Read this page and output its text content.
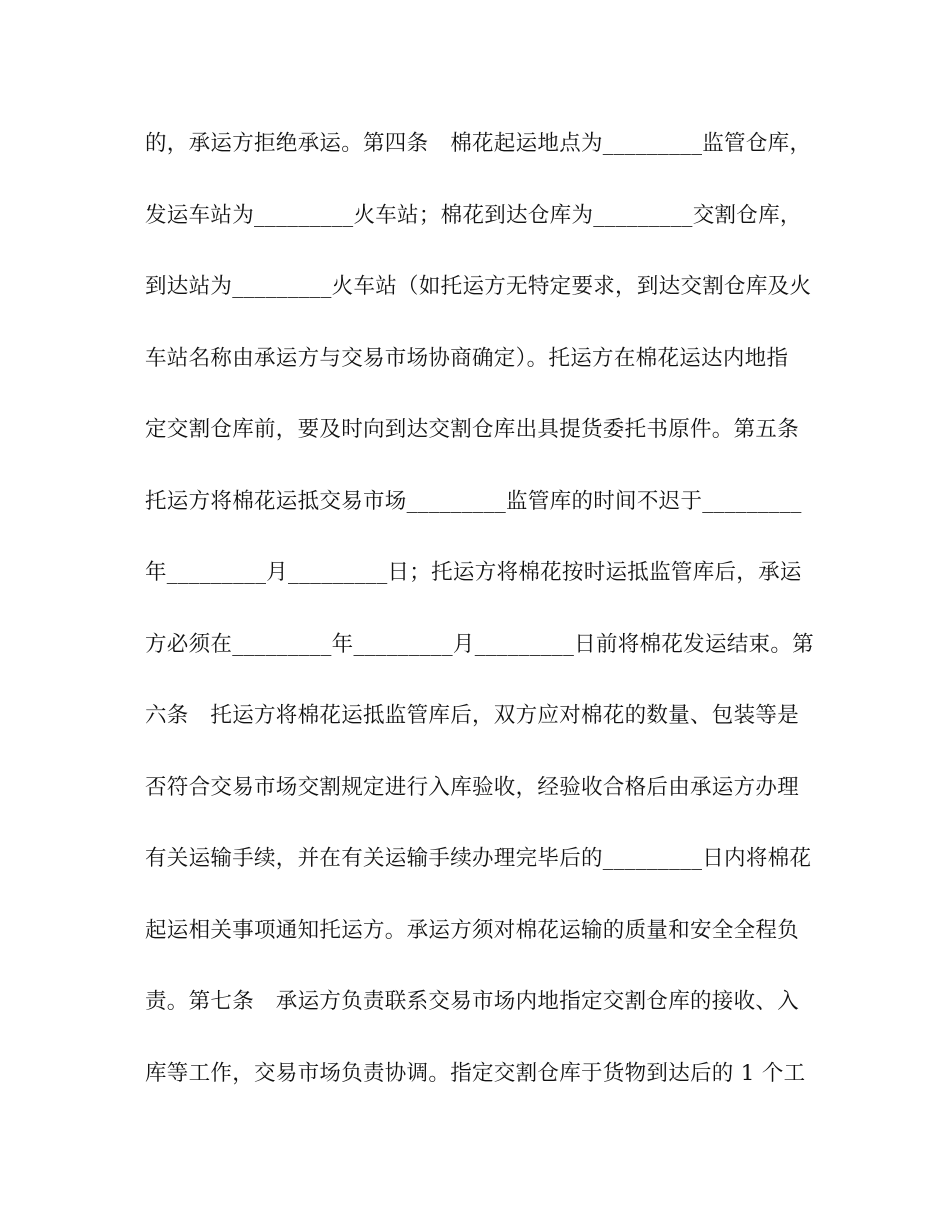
的，承运方拒绝承运。第四条　棉花起运地点为_________监管仓库，
发运车站为_________火车站；棉花到达仓库为_________交割仓库，
到达站为_________火车站（如托运方无特定要求，到达交割仓库及火
车站名称由承运方与交易市场协商确定）。托运方在棉花运达内地指
定交割仓库前，要及时向到达交割仓库出具提货委托书原件。第五条
托运方将棉花运抵交易市场_________监管库的时间不迟于_________
年_________月_________日；托运方将棉花按时运抵监管库后，承运
方必须在_________年_________月_________日前将棉花发运结束。第
六条　托运方将棉花运抵监管库后，双方应对棉花的数量、包装等是
否符合交易市场交割规定进行入库验收，经验收合格后由承运方办理
有关运输手续，并在有关运输手续办理完毕后的_________日内将棉花
起运相关事项通知托运方。承运方须对棉花运输的质量和安全全程负
责。第七条　承运方负责联系交易市场内地指定交割仓库的接收、入
库等工作，交易市场负责协调。指定交割仓库于货物到达后的 1 个工
